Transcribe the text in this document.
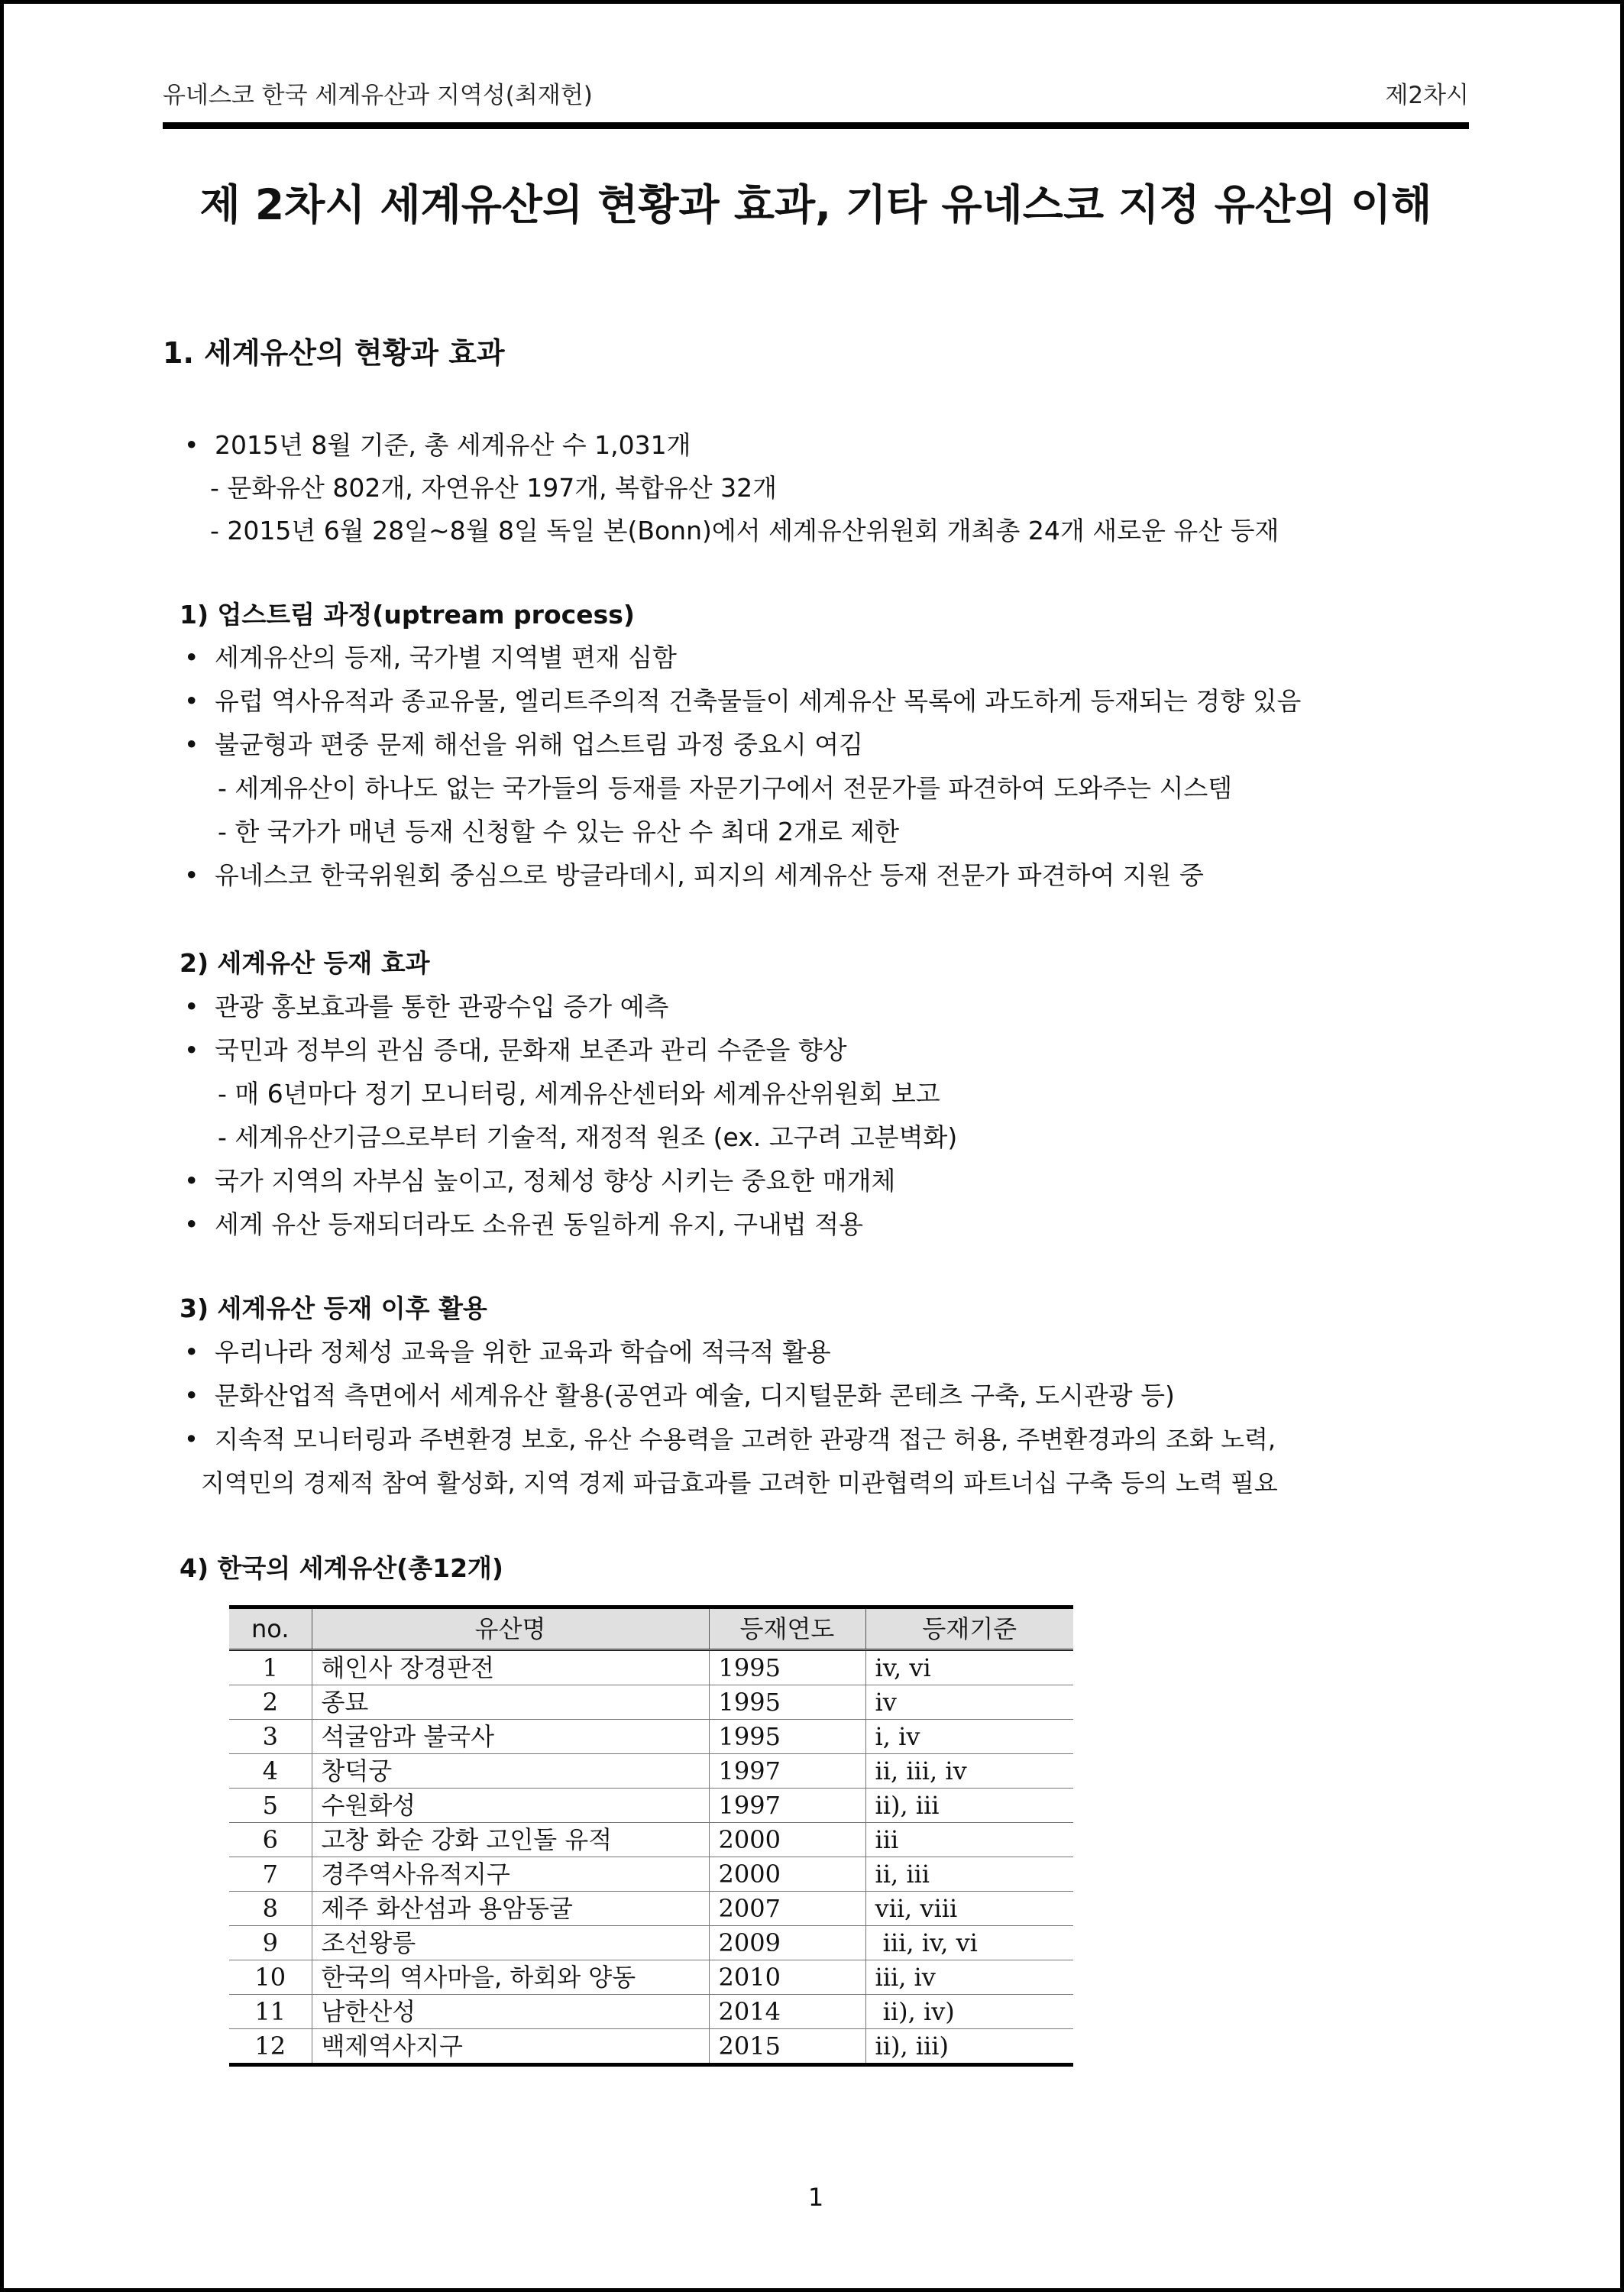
유네스코 한국 세계유산과 지역성(최재헌)	제2차시
제 2차시 세계유산의 현황과 효과, 기타 유네스코 지정 유산의 이해
1. 세계유산의 현황과 효과
• 2015년 8월 기준, 총 세계유산 수 1,031개
- 문화유산 802개, 자연유산 197개, 복합유산 32개
- 2015년 6월 28일~8월 8일 독일 본(Bonn)에서 세계유산위원회 개최총 24개 새로운 유산 등재
1) 업스트림 과정(uptream process)
• 세계유산의 등재, 국가별 지역별 편재 심함
• 유럽 역사유적과 종교유물, 엘리트주의적 건축물들이 세계유산 목록에 과도하게 등재되는 경향 있음
• 불균형과 편중 문제 해선을 위해 업스트림 과정 중요시 여김
- 세계유산이 하나도 없는 국가들의 등재를 자문기구에서 전문가를 파견하여 도와주는 시스템
- 한 국가가 매년 등재 신청할 수 있는 유산 수 최대 2개로 제한
• 유네스코 한국위원회 중심으로 방글라데시, 피지의 세계유산 등재 전문가 파견하여 지원 중
2) 세계유산 등재 효과
• 관광 홍보효과를 통한 관광수입 증가 예측
• 국민과 정부의 관심 증대, 문화재 보존과 관리 수준을 향상
- 매 6년마다 정기 모니터링, 세계유산센터와 세계유산위원회 보고
- 세계유산기금으로부터 기술적, 재정적 원조 (ex. 고구려 고분벽화)
• 국가 지역의 자부심 높이고, 정체성 향상 시키는 중요한 매개체
• 세계 유산 등재되더라도 소유권 동일하게 유지, 구내법 적용
3) 세계유산 등재 이후 활용
• 우리나라 정체성 교육을 위한 교육과 학습에 적극적 활용
• 문화산업적 측면에서 세계유산 활용(공연과 예술, 디지털문화 콘테츠 구축, 도시관광 등)
• 지속적 모니터링과 주변환경 보호, 유산 수용력을 고려한 관광객 접근 허용, 주변환경과의 조화 노력,
지역민의 경제적 참여 활성화, 지역 경제 파급효과를 고려한 미관협력의 파트너십 구축 등의 노력 필요
4) 한국의 세계유산(총12개)
no.	유산명	등재연도	등재기준
1	해인사 장경판전	1995	iv, vi
2	종묘	1995	iv
3	석굴암과 불국사	1995	i, iv
4	창덕궁	1997	ii, iii, iv
5	수원화성	1997	ii), iii
6	고창 화순 강화 고인돌 유적	2000	iii
7	경주역사유적지구	2000	ii, iii
8	제주 화산섬과 용암동굴	2007	vii, viii
9	조선왕릉	2009	iii, iv, vi
10	한국의 역사마을, 하회와 양동	2010	iii, iv
11	남한산성	2014	ii), iv)
12	백제역사지구	2015	ii), iii)
1
